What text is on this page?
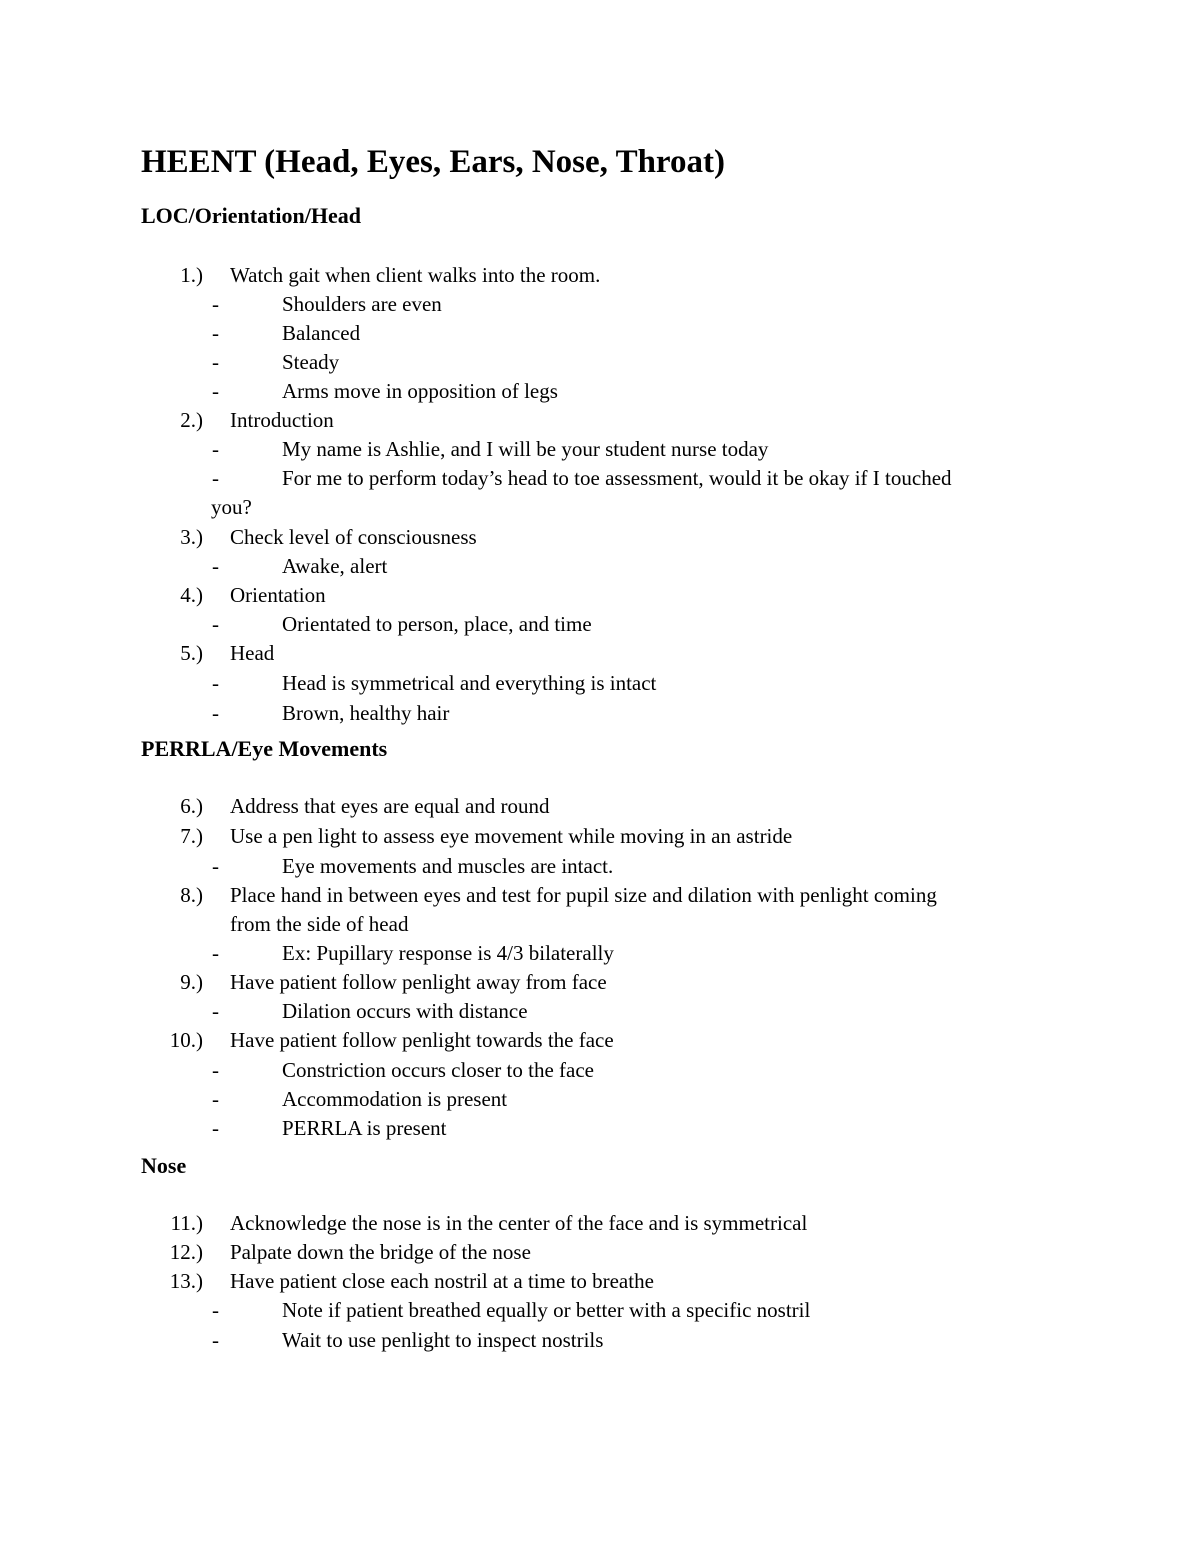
HEENT (Head, Eyes, Ears, Nose, Throat)
LOC/Orientation/Head
1.) Watch gait when client walks into the room.
-	Shoulders are even
-	Balanced
-	Steady
-	Arms move in opposition of legs
2.) Introduction
-	My name is Ashlie, and I will be your student nurse today
-	For me to perform today’s head to toe assessment, would it be okay if I touched
you?
3.) Check level of consciousness
-	Awake, alert
4.) Orientation
-	Orientated to person, place, and time
5.) Head
-	Head is symmetrical and everything is intact
-	Brown, healthy hair
PERRLA/Eye Movements
6.) Address that eyes are equal and round
7.) Use a pen light to assess eye movement while moving in an astride
-	Eye movements and muscles are intact.
8.) Place hand in between eyes and test for pupil size and dilation with penlight coming
from the side of head
-	Ex: Pupillary response is 4/3 bilaterally
9.) Have patient follow penlight away from face
-	Dilation occurs with distance
10.) Have patient follow penlight towards the face
-	Constriction occurs closer to the face
-	Accommodation is present
-	PERRLA is present
Nose
11.) Acknowledge the nose is in the center of the face and is symmetrical
12.) Palpate down the bridge of the nose
13.) Have patient close each nostril at a time to breathe
-	Note if patient breathed equally or better with a specific nostril
-	Wait to use penlight to inspect nostrils
